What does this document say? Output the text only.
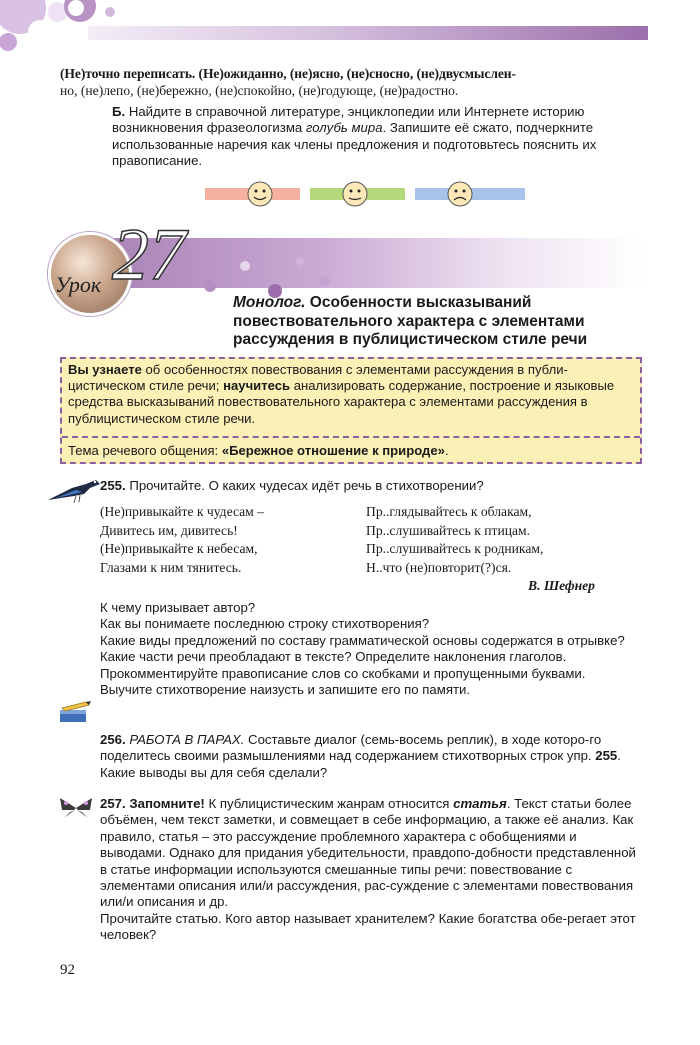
(Не)точно переписать. (Не)ожиданно, (не)ясно, (не)сносно, (не)двусмыслен-
но, (не)лепо, (не)бережно, (не)спокойно, (не)годующе, (не)радостно.

Б. Найдите в справочной литературе, энциклопедии или Интернете историю возникновения фразеологизма голубь мира. Запишите её сжато, подчеркните использованные наречия как члены предложения и подготовьтесь пояснить их правописание.

Урок 27

Монолог. Особенности высказываний повествовательного характера с элементами рассуждения в публицистическом стиле речи

Вы узнаете об особенностях повествования с элементами рассуждения в публи-цистическом стиле речи; научитесь анализировать содержание, построение и языковые средства высказываний повествовательного характера с элементами рассуждения в публицистическом стиле речи.

Тема речевого общения: «Бережное отношение к природе».

255. Прочитайте. О каких чудесах идёт речь в стихотворении?

(Не)привыкайте к чудесам –
Дивитесь им, дивитесь!
(Не)привыкайте к небесам,
Глазами к ним тянитесь.
Пр..глядывайтесь к облакам,
Пр..слушивайтесь к птицам.
Пр..слушивайтесь к родникам,
Н..что (не)повторит(?)ся.
В. Шефнер

К чему призывает автор?

Как вы понимаете последнюю строку стихотворения?

Какие виды предложений по составу грамматической основы содержатся в отрывке?

Какие части речи преобладают в тексте? Определите наклонения глаголов.

Прокомментируйте правописание слов со скобками и пропущенными буквами.

Выучите стихотворение наизусть и запишите его по памяти.

256. РАБОТА В ПАРАХ. Составьте диалог (семь-восемь реплик), в ходе которо-го поделитесь своими размышлениями над содержанием стихотворных строк упр. 255. Какие выводы вы для себя сделали?

257. Запомните! К публицистическим жанрам относится статья. Текст статьи более объёмен, чем текст заметки, и совмещает в себе информацию, а также её анализ. Как правило, статья – это рассуждение проблемного характера с обобщениями и выводами. Однако для придания убедительности, правдопо-добности представленной в статье информации используются смешанные типы речи: повествование с элементами описания или/и рассуждения, рас-суждение с элементами повествования или/и описания и др.

Прочитайте статью. Кого автор называет хранителем? Какие богатства обе-регает этот человек?

92
